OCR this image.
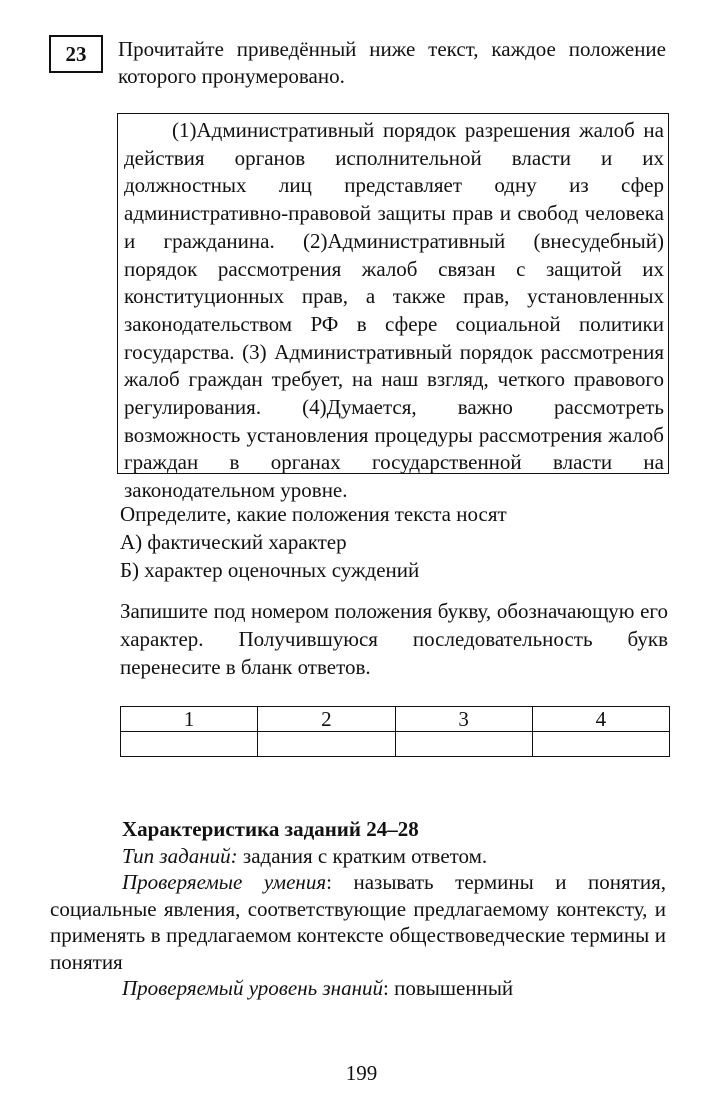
23 Прочитайте приведённый ниже текст, каждое положение которого пронумеровано.

(1)Административный порядок разрешения жалоб на действия органов исполнительной власти и их должностных лиц представляет одну из сфер административно-правовой защиты прав и свобод человека и гражданина. (2)Административный (внесудебный) порядок рассмотрения жалоб связан с защитой их конституционных прав, а также прав, установленных законодательством РФ в сфере социальной политики государства. (3) Административный порядок рассмотрения жалоб граждан требует, на наш взгляд, четкого правового регулирования. (4)Думается, важно рассмотреть возможность установления процедуры рассмотрения жалоб граждан в органах государственной власти на законодательном уровне.

Определите, какие положения текста носят
А) фактический характер
Б) характер оценочных суждений
Запишите под номером положения букву, обозначающую его характер. Получившуюся последовательность букв перенесите в бланк ответов.
1	2	3	4

Характеристика заданий 24–28
Тип заданий: задания с кратким ответом.
Проверяемые умения: называть термины и понятия, социальные явления, соответствующие предлагаемому контексту, и применять в предлагаемом контексте обществоведческие термины и понятия
Проверяемый уровень знаний: повышенный
199
